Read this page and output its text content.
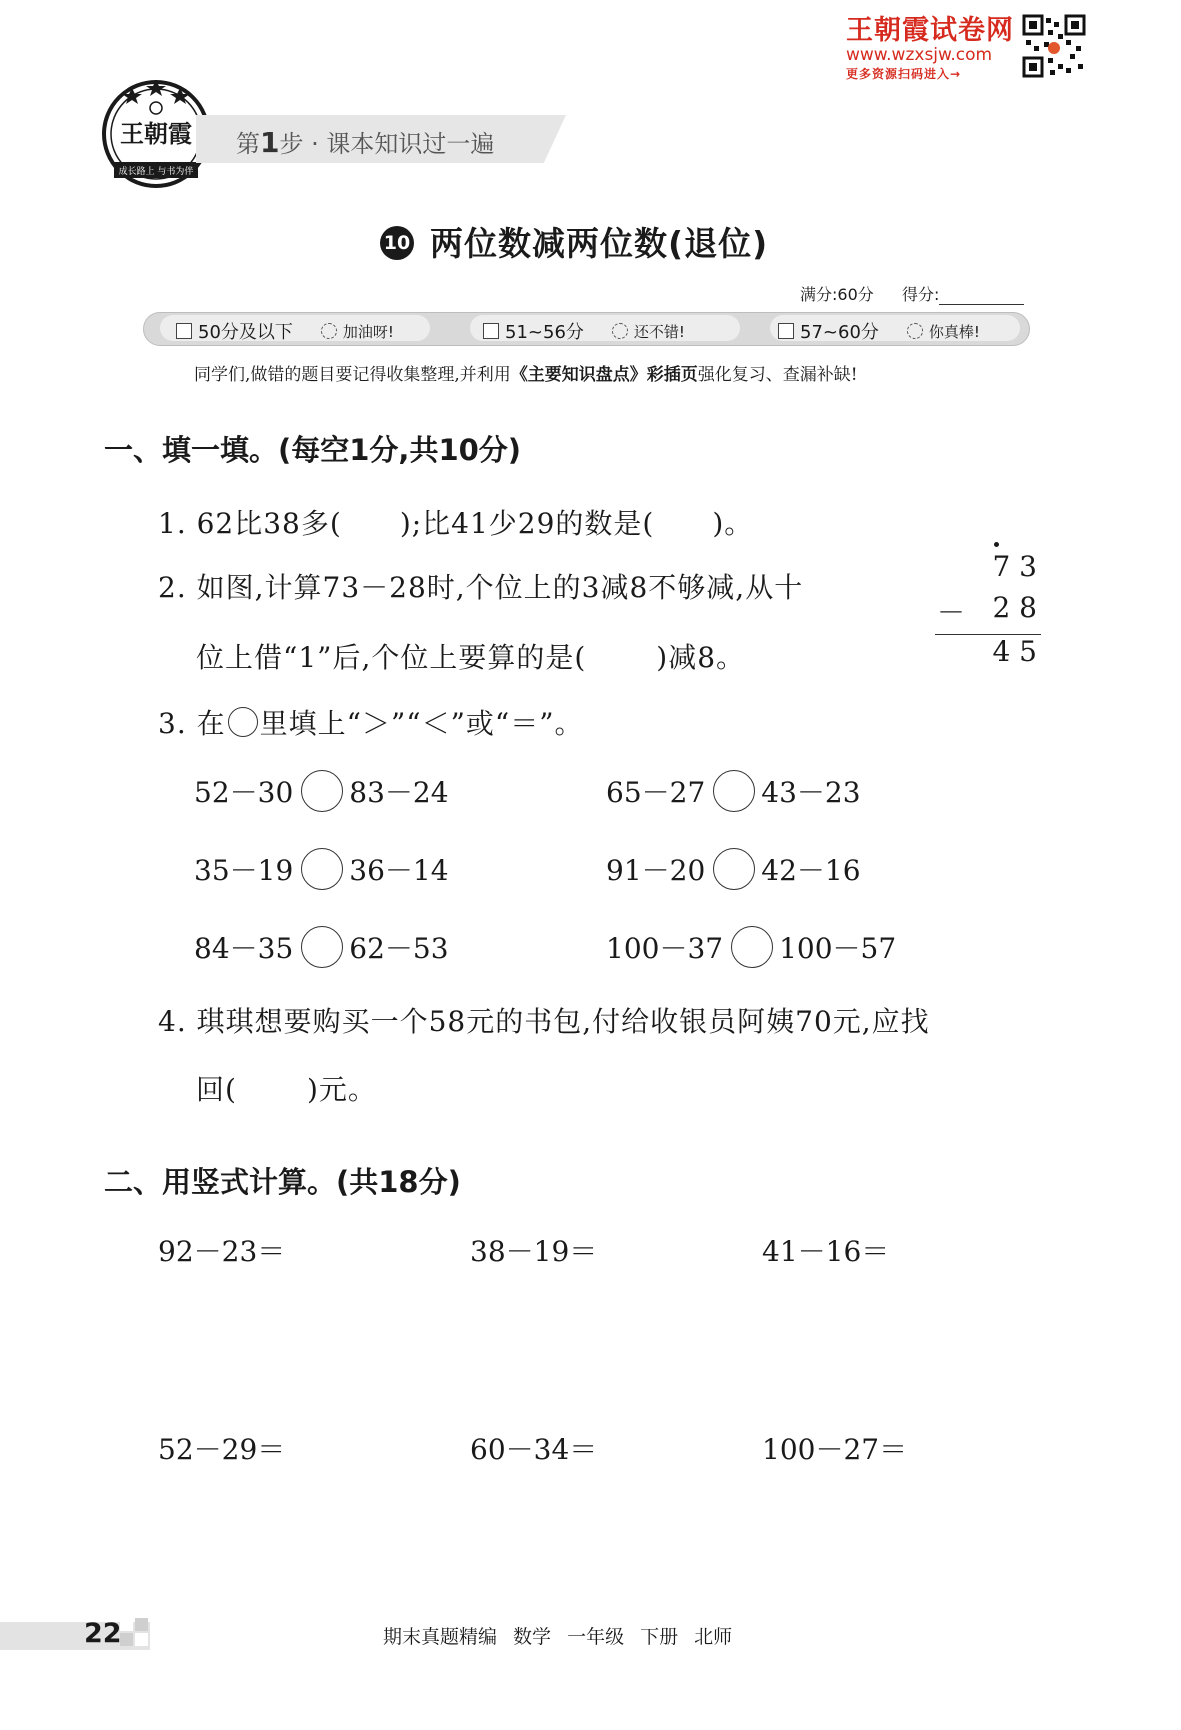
王朝霞试卷网
www.wzxsjw.com
更多资源扫码进入→
王朝霞
成长路上 与书为伴
第1步 · 课本知识过一遍
10 两位数减两位数(退位)
满分:60分 得分:
50分及以下	加油呀!	51~56分	还不错!	57~60分	你真棒!
同学们,做错的题目要记得收集整理,并利用《主要知识盘点》彩插页强化复习、查漏补缺!
一、填一填。(每空1分,共10分)
1. 62比38多( );比41少29的数是( )。
2. 如图,计算73－28时,个位上的3减8不够减,从十
位上借“1”后,个位上要算的是(	)减8。
7 3
－ 2 8
4 5
3. 在 里填上“＞”“＜”或“＝”。
52－30 83－24	65－27 43－23
35－19 36－14	91－20 42－16
84－35 62－53	100－37 100－57
4. 琪琪想要购买一个58元的书包,付给收银员阿姨70元,应找
回(	)元。
二、用竖式计算。(共18分)
92－23＝	38－19＝	41－16＝
52－29＝	60－34＝	100－27＝
22	期末真题精编 数学 一年级 下册 北师
